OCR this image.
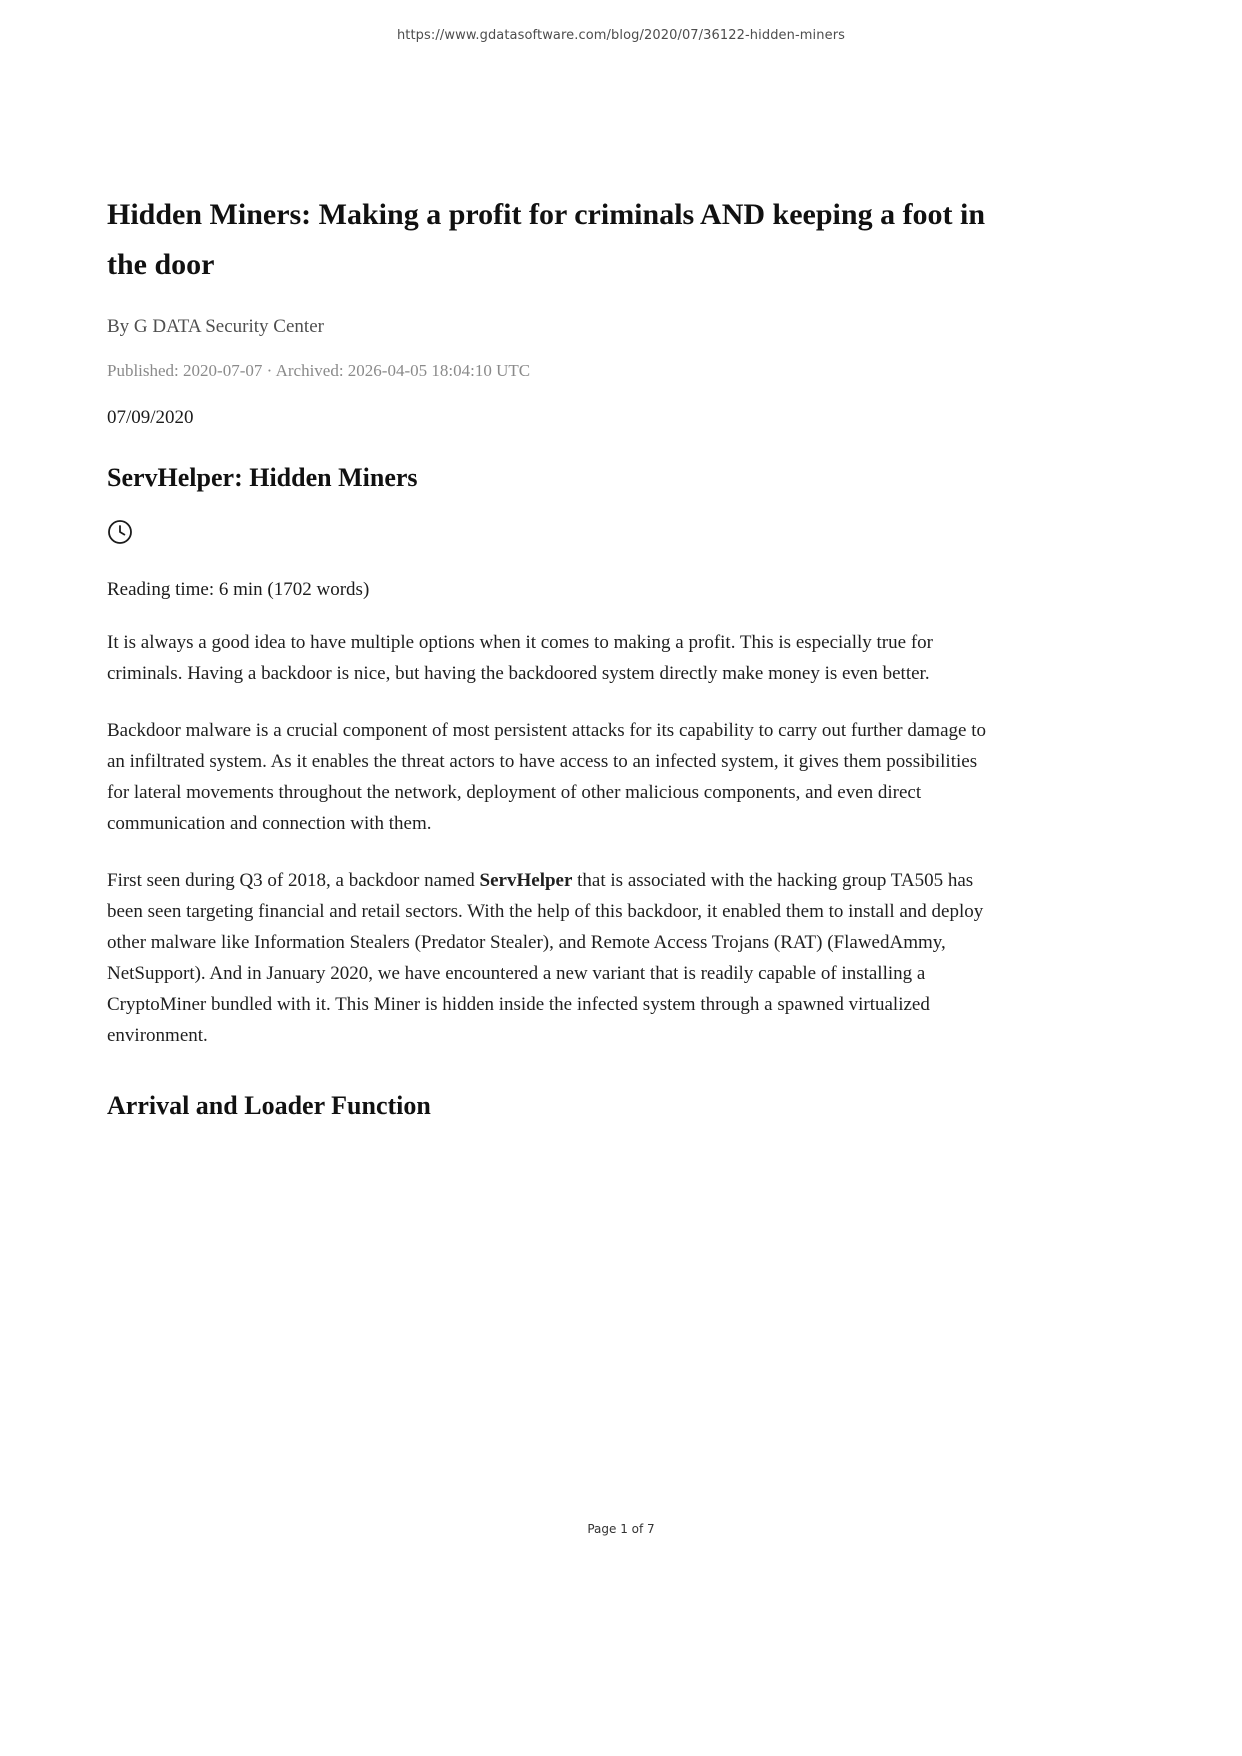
https://www.gdatasoftware.com/blog/2020/07/36122-hidden-miners
Hidden Miners: Making a profit for criminals AND keeping a foot in the door
By G DATA Security Center
Published: 2020-07-07 · Archived: 2026-04-05 18:04:10 UTC
07/09/2020
ServHelper: Hidden Miners
Reading time: 6 min (1702 words)

It is always a good idea to have multiple options when it comes to making a profit. This is especially true for criminals. Having a backdoor is nice, but having the backdoored system directly make money is even better.

Backdoor malware is a crucial component of most persistent attacks for its capability to carry out further damage to an infiltrated system. As it enables the threat actors to have access to an infected system, it gives them possibilities for lateral movements throughout the network, deployment of other malicious components, and even direct communication and connection with them.

First seen during Q3 of 2018, a backdoor named ServHelper that is associated with the hacking group TA505 has been seen targeting financial and retail sectors. With the help of this backdoor, it enabled them to install and deploy other malware like Information Stealers (Predator Stealer), and Remote Access Trojans (RAT) (FlawedAmmy, NetSupport). And in January 2020, we have encountered a new variant that is readily capable of installing a CryptoMiner bundled with it. This Miner is hidden inside the infected system through a spawned virtualized environment.

Arrival and Loader Function
Page 1 of 7
